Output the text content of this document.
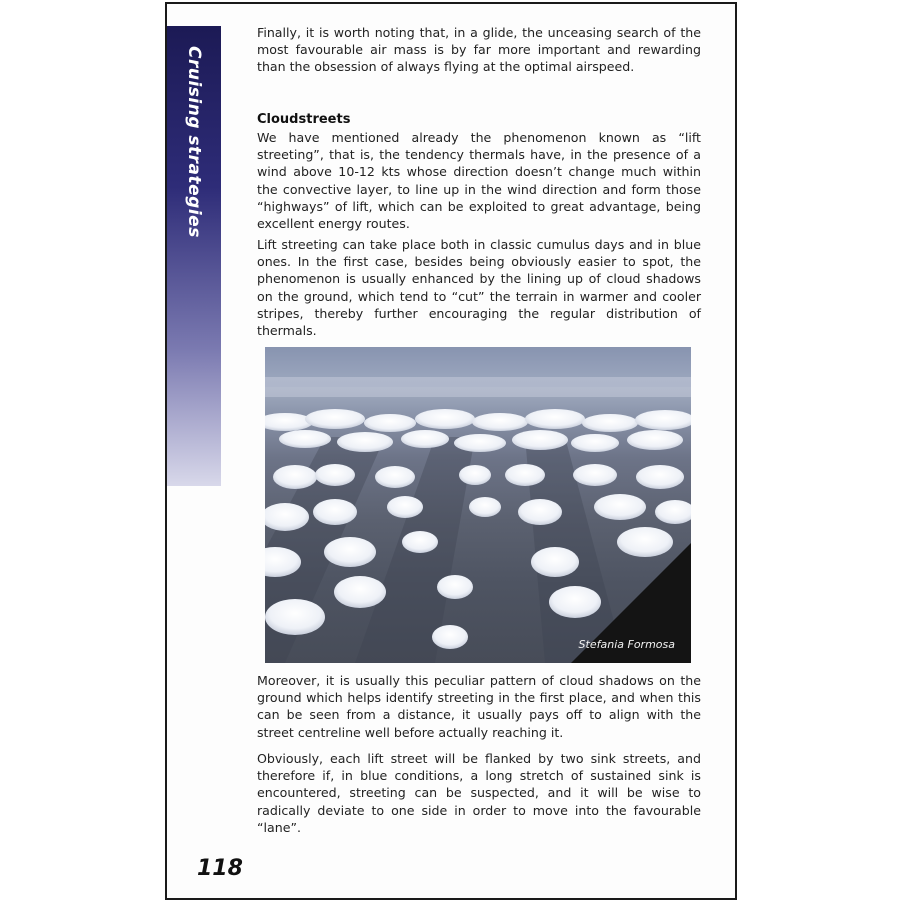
Cruising strategies
Finally, it is worth noting that, in a glide, the unceasing search of the most favourable air mass is by far more important and rewarding than the obsession of always flying at the optimal airspeed.
Cloudstreets
We have mentioned already the phenomenon known as “lift streeting”, that is, the tendency thermals have, in the presence of a wind above 10-12 kts whose direction doesn’t change much within the convective layer, to line up in the wind direction and form those “highways” of lift, which can be exploited to great advantage, being excellent energy routes.
Lift streeting can take place both in classic cumulus days and in blue ones. In the first case, besides being obviously easier to spot, the phenomenon is usually enhanced by the lining up of cloud shadows on the ground, which tend to “cut” the terrain in warmer and cooler stripes, thereby further encouraging the regular distribution of thermals.
Stefania Formosa
Moreover, it is usually this peculiar pattern of cloud shadows on the ground which helps identify streeting in the first place, and when this can be seen from a distance, it usually pays off to align with the street centreline well before actually reaching it.
Obviously, each lift street will be flanked by two sink streets, and therefore if, in blue conditions, a long stretch of sustained sink is encountered, streeting can be suspected, and it will be wise to radically deviate to one side in order to move into the favourable “lane”.
118
